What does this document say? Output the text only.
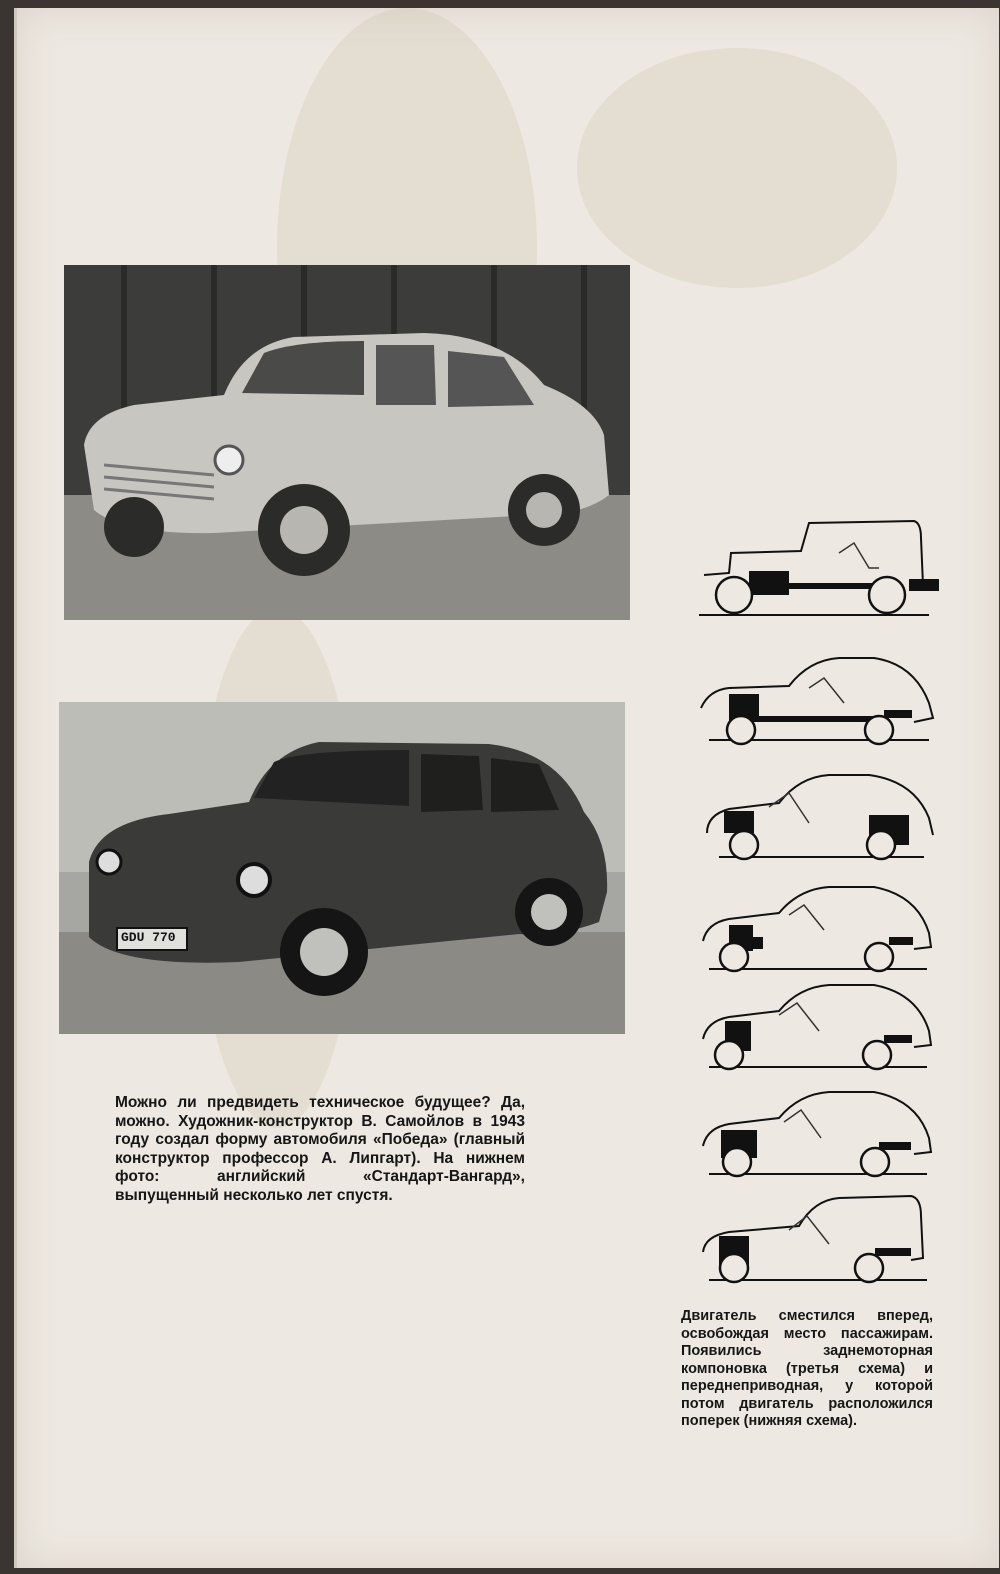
GDU 770

Можно ли предвидеть техническое будущее? Да, можно. Художник-конструктор В. Самойлов в 1943 году создал форму автомобиля «Победа» (главный конструктор профессор А. Липгарт). На нижнем фото: английский «Стандарт-Вангард», выпущенный несколько лет спустя.

Двигатель сместился вперед, освобождая место пассажирам. Появились заднемоторная компоновка (третья схема) и переднеприводная, у которой потом двигатель расположился поперек (нижняя схема).
